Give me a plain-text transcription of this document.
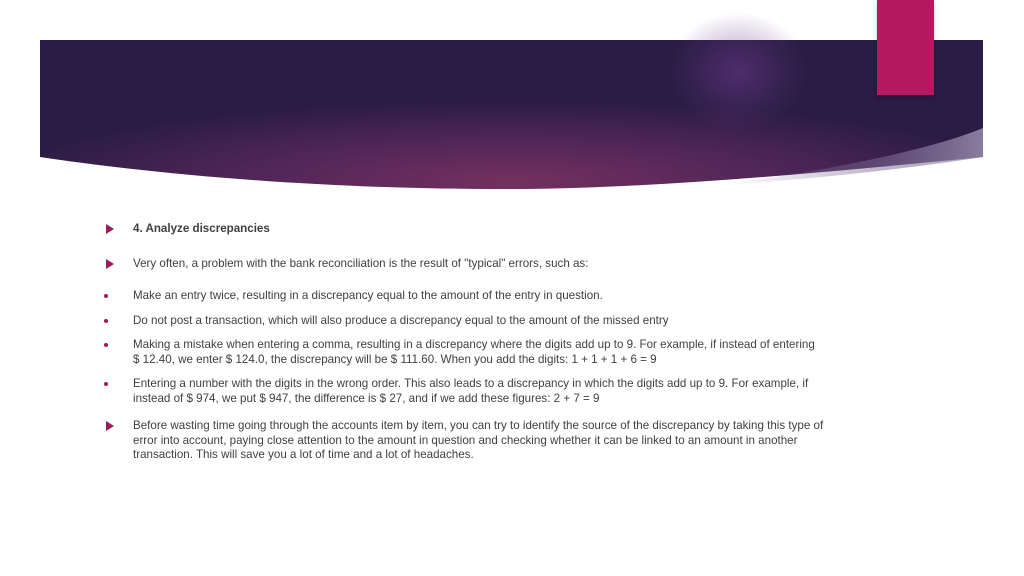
4. Analyze discrepancies
Very often, a problem with the bank reconciliation is the result of "typical" errors, such as:
Make an entry twice, resulting in a discrepancy equal to the amount of the entry in question.
Do not post a transaction, which will also produce a discrepancy equal to the amount of the missed entry
Making a mistake when entering a comma, resulting in a discrepancy where the digits add up to 9. For example, if instead of entering $ 12.40, we enter $ 124.0, the discrepancy will be $ 111.60. When you add the digits: 1 + 1 + 1 + 6 = 9
Entering a number with the digits in the wrong order. This also leads to a discrepancy in which the digits add up to 9. For example, if instead of $ 974, we put $ 947, the difference is $ 27, and if we add these figures: 2 + 7 = 9
Before wasting time going through the accounts item by item, you can try to identify the source of the discrepancy by taking this type of error into account, paying close attention to the amount in question and checking whether it can be linked to an amount in another transaction. This will save you a lot of time and a lot of headaches.
